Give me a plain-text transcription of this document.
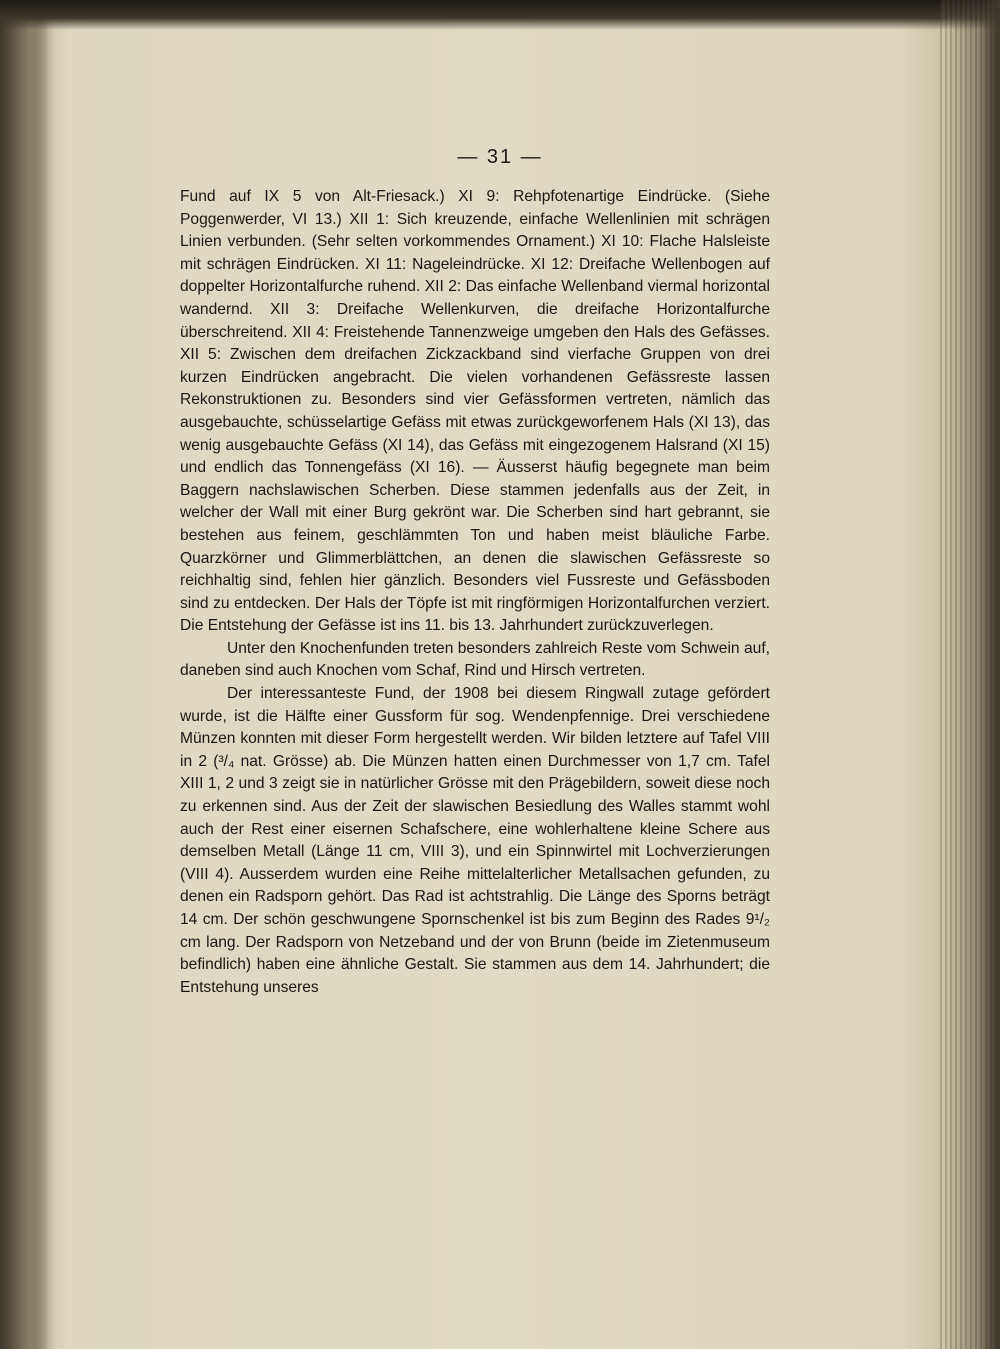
— 31 —

Fund auf IX 5 von Alt-Friesack.) XI 9: Rehpfotenartige Eindrücke. (Siehe Poggenwerder, VI 13.) XII 1: Sich kreuzende, einfache Wellenlinien mit schrägen Linien verbunden. (Sehr selten vorkommendes Ornament.) XI 10: Flache Halsleiste mit schrägen Eindrücken. XI 11: Nageleindrücke. XI 12: Dreifache Wellenbogen auf doppelter Horizontalfurche ruhend. XII 2: Das einfache Wellenband viermal horizontal wandernd. XII 3: Dreifache Wellenkurven, die dreifache Horizontalfurche überschreitend. XII 4: Freistehende Tannenzweige umgeben den Hals des Gefässes. XII 5: Zwischen dem dreifachen Zickzackband sind vierfache Gruppen von drei kurzen Eindrücken angebracht. Die vielen vorhandenen Gefässreste lassen Rekonstruktionen zu. Besonders sind vier Gefässformen vertreten, nämlich das ausgebauchte, schüsselartige Gefäss mit etwas zurückgeworfenem Hals (XI 13), das wenig ausgebauchte Gefäss (XI 14), das Gefäss mit eingezogenem Halsrand (XI 15) und endlich das Tonnengefäss (XI 16). — Äusserst häufig begegnete man beim Baggern nachslawischen Scherben. Diese stammen jedenfalls aus der Zeit, in welcher der Wall mit einer Burg gekrönt war. Die Scherben sind hart gebrannt, sie bestehen aus feinem, geschlämmten Ton und haben meist bläuliche Farbe. Quarzkörner und Glimmerblättchen, an denen die slawischen Gefässreste so reichhaltig sind, fehlen hier gänzlich. Besonders viel Fussreste und Gefässboden sind zu entdecken. Der Hals der Töpfe ist mit ringförmigen Horizontalfurchen verziert. Die Entstehung der Gefässe ist ins 11. bis 13. Jahrhundert zurückzuverlegen.

Unter den Knochenfunden treten besonders zahlreich Reste vom Schwein auf, daneben sind auch Knochen vom Schaf, Rind und Hirsch vertreten.

Der interessanteste Fund, der 1908 bei diesem Ringwall zutage gefördert wurde, ist die Hälfte einer Gussform für sog. Wendenpfennige. Drei verschiedene Münzen konnten mit dieser Form hergestellt werden. Wir bilden letztere auf Tafel VIII in 2 (³/₄ nat. Grösse) ab. Die Münzen hatten einen Durchmesser von 1,7 cm. Tafel XIII 1, 2 und 3 zeigt sie in natürlicher Grösse mit den Prägebildern, soweit diese noch zu erkennen sind. Aus der Zeit der slawischen Besiedlung des Walles stammt wohl auch der Rest einer eisernen Schafschere, eine wohlerhaltene kleine Schere aus demselben Metall (Länge 11 cm, VIII 3), und ein Spinnwirtel mit Lochverzierungen (VIII 4). Ausserdem wurden eine Reihe mittelalterlicher Metallsachen gefunden, zu denen ein Radsporn gehört. Das Rad ist achtstrahlig. Die Länge des Sporns beträgt 14 cm. Der schön geschwungene Spornschenkel ist bis zum Beginn des Rades 9¹/₂ cm lang. Der Radsporn von Netzeband und der von Brunn (beide im Zietenmuseum befindlich) haben eine ähnliche Gestalt. Sie stammen aus dem 14. Jahrhundert; die Entstehung unseres
